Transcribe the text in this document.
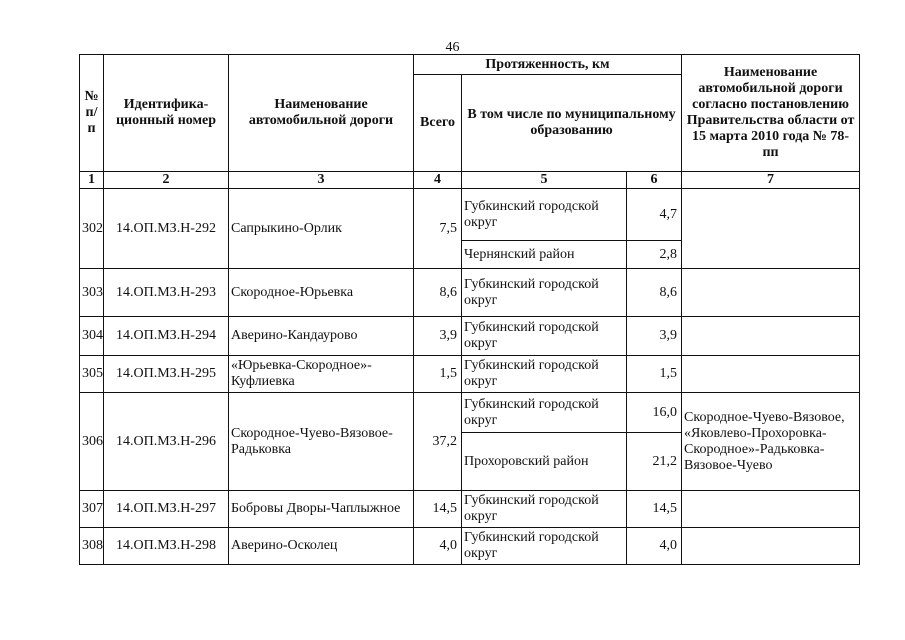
46
№ п/п	Идентифика-ционный номер	Наименование автомобильной дороги	Протяженность, км			Наименование автомобильной дороги согласно постановлению Правительства области от 15 марта 2010 года № 78-пп
			Всего	В том числе по муниципальному образованию		
1	2	3	4	5	6	7
302	14.ОП.МЗ.Н-292	Сапрыкино-Орлик	7,5	Губкинский городской округ	4,7	
				Чернянский район	2,8	
303	14.ОП.МЗ.Н-293	Скородное-Юрьевка	8,6	Губкинский городской округ	8,6	
304	14.ОП.МЗ.Н-294	Аверино-Кандаурово	3,9	Губкинский городской округ	3,9	
305	14.ОП.МЗ.Н-295	«Юрьевка-Скородное»-Куфлиевка	1,5	Губкинский городской округ	1,5	
306	14.ОП.МЗ.Н-296	Скородное-Чуево-Вязовое-Радьковка	37,2	Губкинский городской округ	16,0	Скородное-Чуево-Вязовое, «Яковлево-Прохоровка-Скородное»-Радьковка-Вязовое-Чуево
				Прохоровский район	21,2	
307	14.ОП.МЗ.Н-297	Бобровы Дворы-Чаплыжное	14,5	Губкинский городской округ	14,5	
308	14.ОП.МЗ.Н-298	Аверино-Осколец	4,0	Губкинский городской округ	4,0	
